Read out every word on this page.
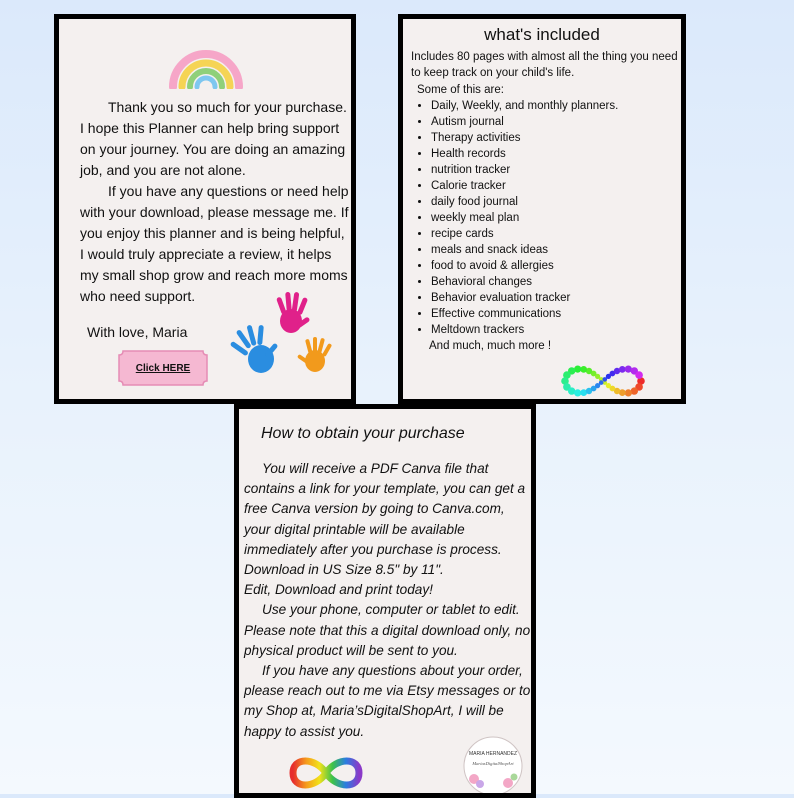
Thank you so much for your purchase. I hope this Planner can help bring support on your journey. You are doing an amazing job, and you are not alone.

If you have any questions or need help with your download, please message me. If you enjoy this planner and is being helpful, I would truly appreciate a review, it helps my small shop grow and reach more moms who need support.

With love, Maria
Click HERE
what's included
Includes 80 pages with almost all the thing you need to keep track on your child's life.
Some of this are:
• Daily, Weekly, and monthly planners.
• Autism journal
• Therapy activities
• Health records
• nutrition tracker
• Calorie tracker
• daily food journal
• weekly meal plan
• recipe cards
• meals and snack ideas
• food to avoid & allergies
• Behavioral changes
• Behavior evaluation tracker
• Effective communications
• Meltdown trackers
And much, much more !
How to obtain your purchase

You will receive a PDF Canva file that contains a link for your template, you can get a free Canva version by going to Canva.com, your digital printable will be available immediately after you purchase is process.

Download in US Size 8.5" by 11".

Edit, Download and print today!

Use your phone, computer or tablet to edit. Please note that this a digital download only, no physical product will be sent to you.

If you have any questions about your order, please reach out to me via Etsy messages or to my Shop at, Maria’sDigitalShopArt, I will be happy to assist you.

MARIA HERNANDEZ
MariasDigitalShopArt
